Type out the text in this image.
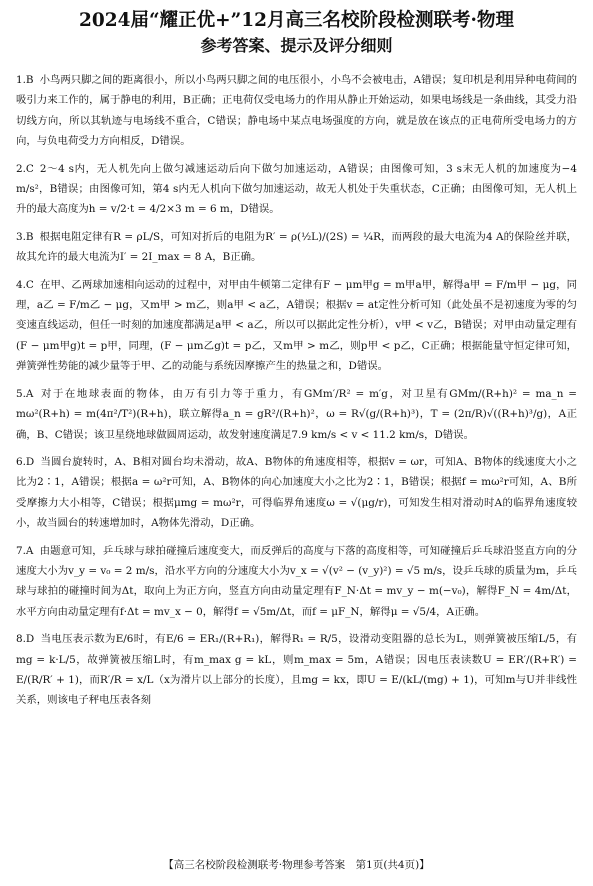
2024届“耀正优+”12月高三名校阶段检测联考·物理
参考答案、提示及评分细则

1.B 小鸟两只脚之间的距离很小，所以小鸟两只脚之间的电压很小，小鸟不会被电击，A错误；复印机是利用异种电荷间的吸引力来工作的，属于静电的利用，B正确；正电荷仅受电场力的作用从静止开始运动，如果电场线是一条曲线，其受力沿切线方向，所以其轨迹与电场线不重合，C错误；静电场中某点电场强度的方向，就是放在该点的正电荷所受电场力的方向，与负电荷受力方向相反，D错误。

2.C 2～4 s内，无人机先向上做匀减速运动后向下做匀加速运动，A错误；由图像可知，3 s末无人机的加速度为−4 m/s²，B错误；由图像可知，第4 s内无人机向下做匀加速运动，故无人机处于失重状态，C正确；由图像可知，无人机上升的最大高度为h = v/2·t = 4/2×3 m = 6 m，D错误。

3.B 根据电阻定律有R = ρL/S，可知对折后的电阻为R′ = ρ(½L)/(2S) = ¼R，而两段的最大电流为4 A的保险丝并联，故其允许的最大电流为I′ = 2I_max = 8 A，B正确。

4.C 在甲、乙两球加速相向运动的过程中，对甲由牛顿第二定律有F − μm甲g = m甲a甲，解得a甲 = F/m甲 − μg，同理，a乙 = F/m乙 − μg，又m甲 > m乙，则a甲 < a乙，A错误；根据v = at定性分析可知（此处虽不是初速度为零的匀变速直线运动，但任一时刻的加速度都满足a甲 < a乙，所以可以据此定性分析），v甲 < v乙，B错误；对甲由动量定理有(F − μm甲g)t = p甲，同理，(F − μm乙g)t = p乙，又m甲 > m乙，则p甲 < p乙，C正确；根据能量守恒定律可知，弹簧弹性势能的减少量等于甲、乙的动能与系统因摩擦产生的热量之和，D错误。

5.A 对于在地球表面的物体，由万有引力等于重力，有GMm′/R² = m′g，对卫星有GMm/(R+h)² = ma_n = mω²(R+h) = m(4π²/T²)(R+h)，联立解得a_n = gR²/(R+h)²，ω = R√(g/(R+h)³)，T = (2π/R)√((R+h)³/g)，A正确，B、C错误；该卫星绕地球做圆周运动，故发射速度满足7.9 km/s < v < 11.2 km/s，D错误。

6.D 当圆台旋转时，A、B相对圆台均未滑动，故A、B物体的角速度相等，根据v = ωr，可知A、B物体的线速度大小之比为2∶1，A错误；根据a = ω²r可知，A、B物体的向心加速度大小之比为2∶1，B错误；根据f = mω²r可知，A、B所受摩擦力大小相等，C错误；根据μmg = mω²r，可得临界角速度ω = √(μg/r)，可知发生相对滑动时A的临界角速度较小，故当圆台的转速增加时，A物体先滑动，D正确。

7.A 由题意可知，乒乓球与球拍碰撞后速度变大，而反弹后的高度与下落的高度相等，可知碰撞后乒乓球沿竖直方向的分速度大小为v_y = v₀ = 2 m/s，沿水平方向的分速度大小为v_x = √(v² − (v_y)²) = √5 m/s，设乒乓球的质量为m，乒乓球与球拍的碰撞时间为Δt，取向上为正方向，竖直方向由动量定理有F_N·Δt = mv_y − m(−v₀)，解得F_N = 4m/Δt，水平方向由动量定理有f·Δt = mv_x − 0，解得f = √5m/Δt，而f = μF_N，解得μ = √5/4，A正确。

8.D 当电压表示数为E/6时，有E/6 = ER₁/(R+R₁)，解得R₁ = R/5，设滑动变阻器的总长为L，则弹簧被压缩L/5，有mg = k·L/5，故弹簧被压缩L时，有m_max g = kL，则m_max = 5m，A错误；因电压表读数U = ER′/(R+R′) = E/(R/R′ + 1)，而R′/R = x/L（x为滑片以上部分的长度），且mg = kx，即U = E/(kL/(mg) + 1)，可知m与U并非线性关系，则该电子秤电压表各刻

【高三名校阶段检测联考·物理参考答案　第1页(共4页)】
